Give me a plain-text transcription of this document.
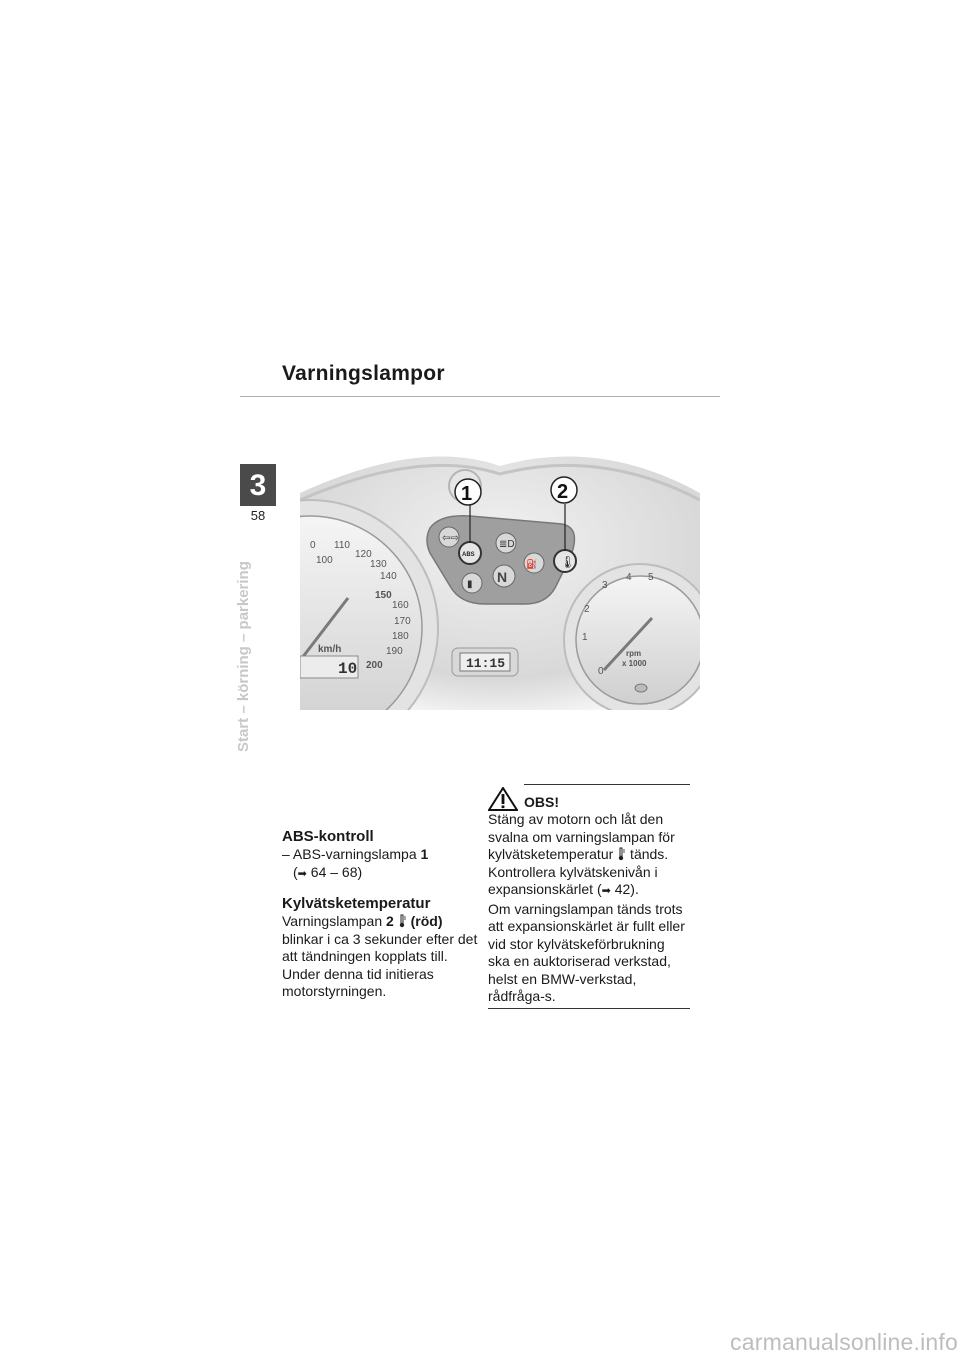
Varningslampor
3
58
Start – körning – parkering
0 110
100
120
130
140
150
160
170
180
190
200
km/h
10
⇦⇨
ABS
≣D
⛽ 🌡
▮ N
1	2
11:15
0
1
2
3
4 5
rpm
x 1000
ABS-kontroll

– ABS-varningslampa 1

(➡ 64 – 68)

Kylvätsketemperatur

Varningslampan 2 (röd) blinkar i ca 3 sekunder efter det att tändningen kopplats till.

Under denna tid initieras motorstyrningen.

OBS!

Stäng av motorn och låt den svalna om varningslampan för kylvätsketemperatur  tänds.

Kontrollera kylvätskenivån i expansionskärlet (➡ 42).

Om varningslampan tänds trots att expansionskärlet är fullt eller vid stor kylvätskeförbrukning ska en auktoriserad verkstad, helst en BMW-verkstad, rådfråga-s.

carmanualsonline.info
